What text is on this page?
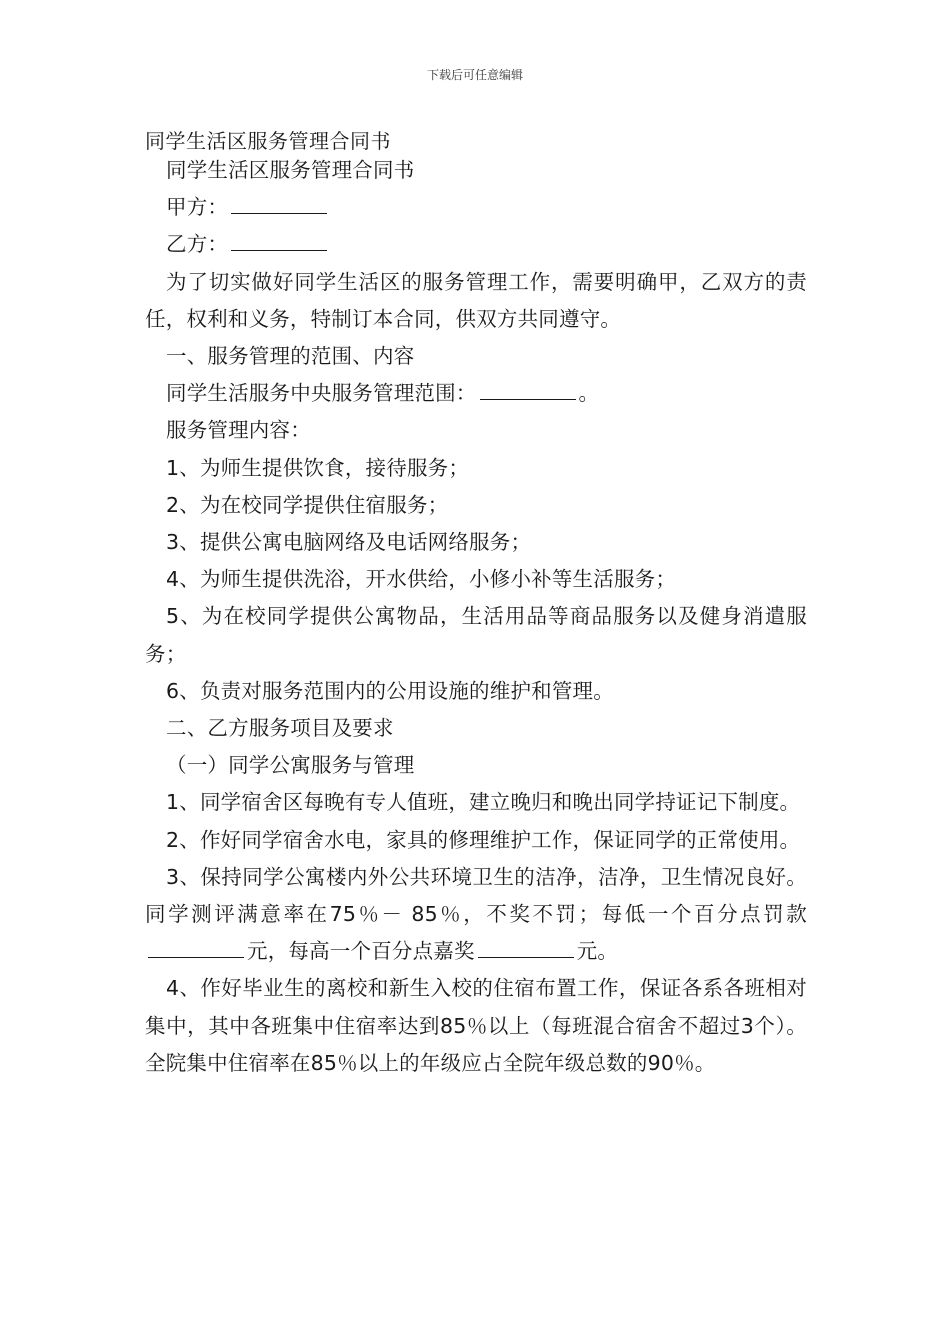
下载后可任意编辑
同学生活区服务管理合同书

同学生活区服务管理合同书

甲方：

乙方：

为了切实做好同学生活区的服务管理工作，需要明确甲，乙双方的责任，权利和义务，特制订本合同，供双方共同遵守。

一、服务管理的范围、内容

同学生活服务中央服务管理范围：	。

服务管理内容：

1、为师生提供饮食，接待服务；

2、为在校同学提供住宿服务；

3、提供公寓电脑网络及电话网络服务；

4、为师生提供洗浴，开水供给，小修小补等生活服务；

5、为在校同学提供公寓物品，生活用品等商品服务以及健身消遣服务；

6、负责对服务范围内的公用设施的维护和管理。

二、乙方服务项目及要求

（一）同学公寓服务与管理

1、同学宿舍区每晚有专人值班，建立晚归和晚出同学持证记下制度。

2、作好同学宿舍水电，家具的修理维护工作，保证同学的正常使用。

3、保持同学公寓楼内外公共环境卫生的洁净，洁净，卫生情况良好。同学测评满意率在75％－ 85％，不奖不罚；每低一个百分点罚款元，每高一个百分点嘉奖	元。

4、作好毕业生的离校和新生入校的住宿布置工作，保证各系各班相对集中，其中各班集中住宿率达到85％以上（每班混合宿舍不超过3个）。全院集中住宿率在85％以上的年级应占全院年级总数的90％。
